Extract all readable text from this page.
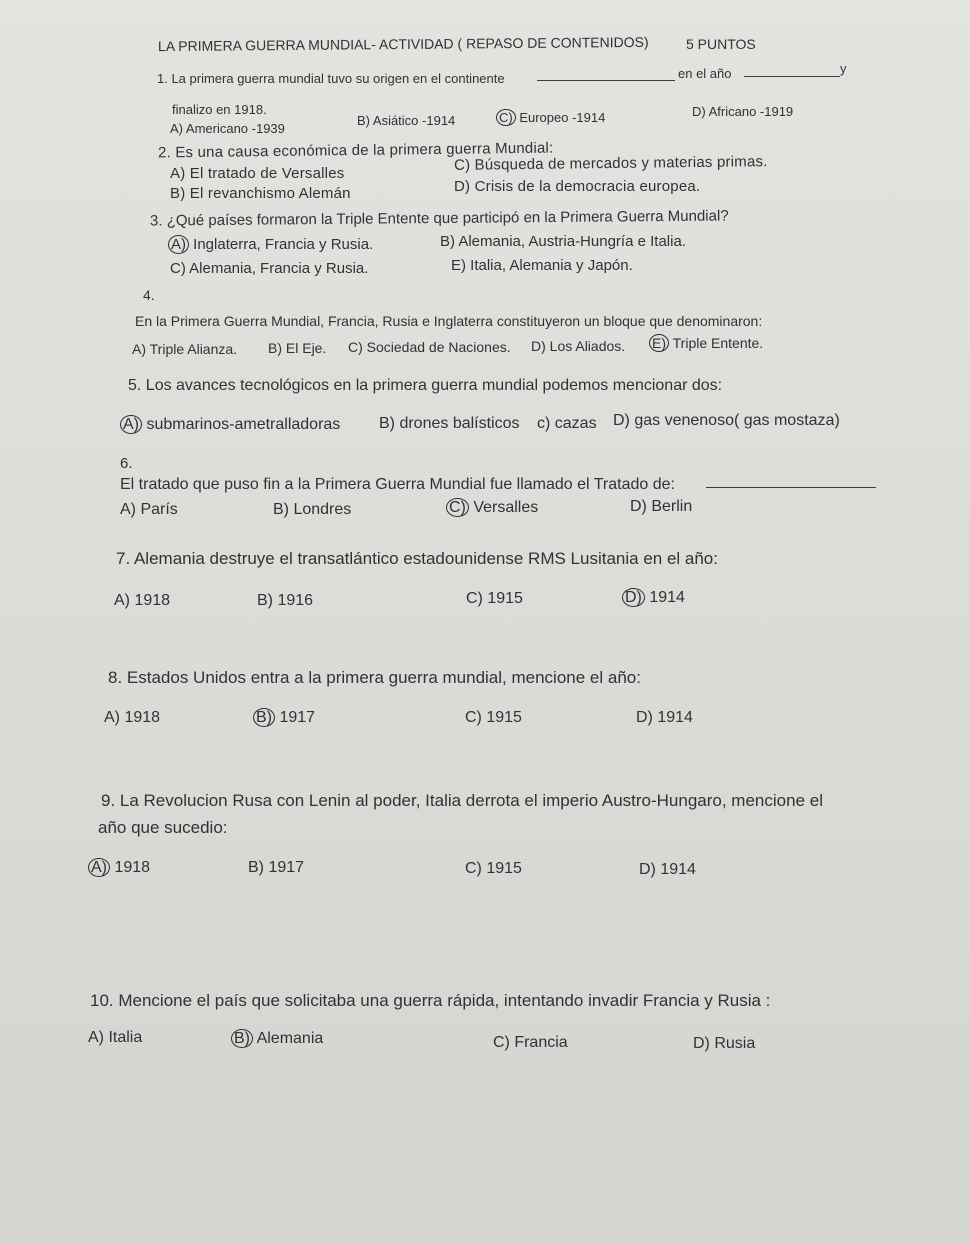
LA PRIMERA GUERRA MUNDIAL- ACTIVIDAD ( REPASO DE CONTENIDOS)	5 PUNTOS
1. La primera guerra mundial tuvo su origen en el continente	en el año	y
finalizo en 1918.
A) Americano -1939
B) Asiático -1914	C) Europeo -1914	D) Africano -1919
2. Es una causa económica de la primera guerra Mundial:
A) El tratado de Versalles	C) Búsqueda de mercados y materias primas.
B) El revanchismo Alemán	D) Crisis de la democracia europea.
3. ¿Qué países formaron la Triple Entente que participó en la Primera Guerra Mundial?
A) Inglaterra, Francia y Rusia.	B) Alemania, Austria-Hungría e Italia.
C) Alemania, Francia y Rusia.	E) Italia, Alemania y Japón.
4.
En la Primera Guerra Mundial, Francia, Rusia e Inglaterra constituyeron un bloque que denominaron:
A) Triple Alianza. B) El Eje. C) Sociedad de Naciones. D) Los Aliados. E) Triple Entente.
5. Los avances tecnológicos en la primera guerra mundial podemos mencionar dos:
A) submarinos-ametralladoras B) drones balísticos c) cazas D) gas venenoso( gas mostaza)
6.
El tratado que puso fin a la Primera Guerra Mundial fue llamado el Tratado de:
A) París	B) Londres	C) Versalles	D) Berlin
7. Alemania destruye el transatlántico estadounidense RMS Lusitania en el año:
A) 1918	B) 1916	C) 1915	D) 1914
8. Estados Unidos entra a la primera guerra mundial, mencione el año:
A) 1918	B) 1917	C) 1915	D) 1914
9. La Revolucion Rusa con Lenin al poder, Italia derrota el imperio Austro-Hungaro, mencione el
año que sucedio:
A) 1918	B) 1917	C) 1915	D) 1914
10. Mencione el país que solicitaba una guerra rápida, intentando invadir Francia y Rusia :
A) Italia	B) Alemania	C) Francia	D) Rusia
